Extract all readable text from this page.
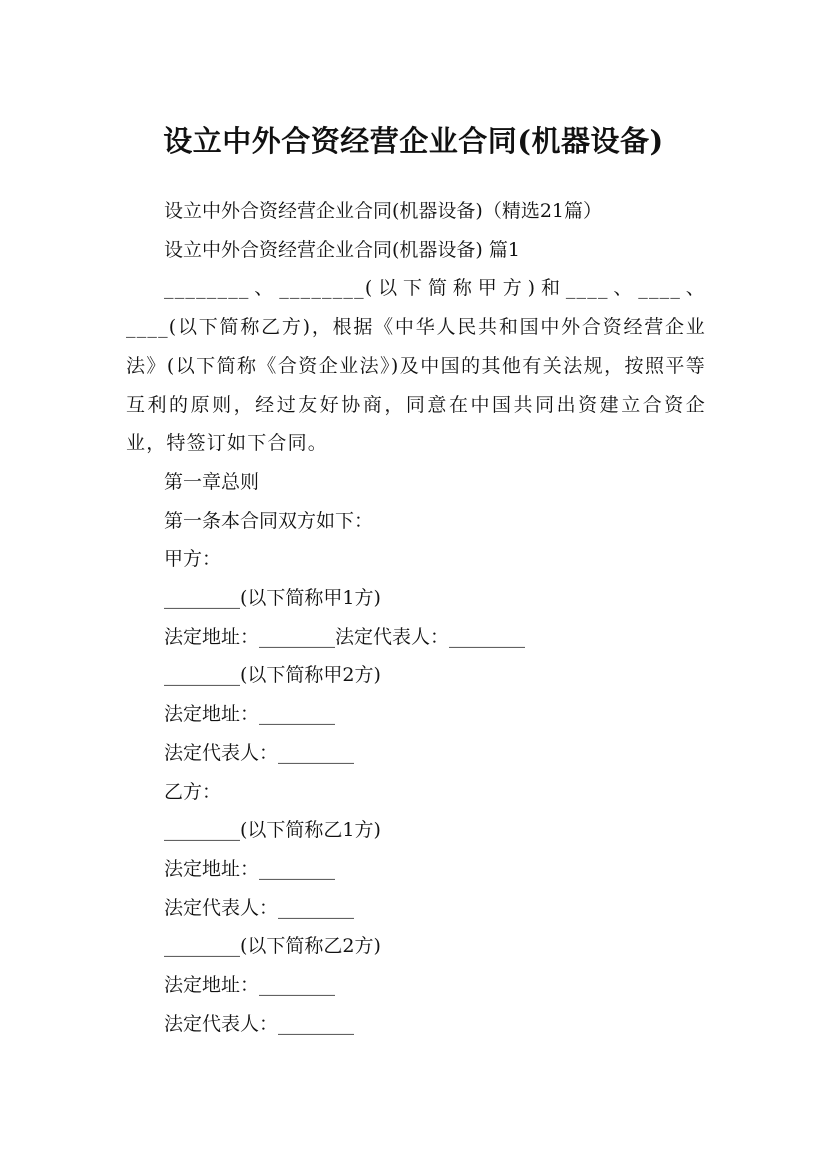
设立中外合资经营企业合同(机器设备)

设立中外合资经营企业合同(机器设备)（精选21篇）

设立中外合资经营企业合同(机器设备) 篇1

________、________(以下简称甲方)和____、____、____(以下简称乙方)，根据《中华人民共和国中外合资经营企业法》(以下简称《合资企业法》)及中国的其他有关法规，按照平等互利的原则，经过友好协商，同意在中国共同出资建立合资企业，特签订如下合同。

第一章总则

第一条本合同双方如下：

甲方：

________(以下简称甲1方)

法定地址：________法定代表人：________

________(以下简称甲2方)

法定地址：________

法定代表人：________

乙方：

________(以下简称乙1方)

法定地址：________

法定代表人：________

________(以下简称乙2方)

法定地址：________

法定代表人：________
